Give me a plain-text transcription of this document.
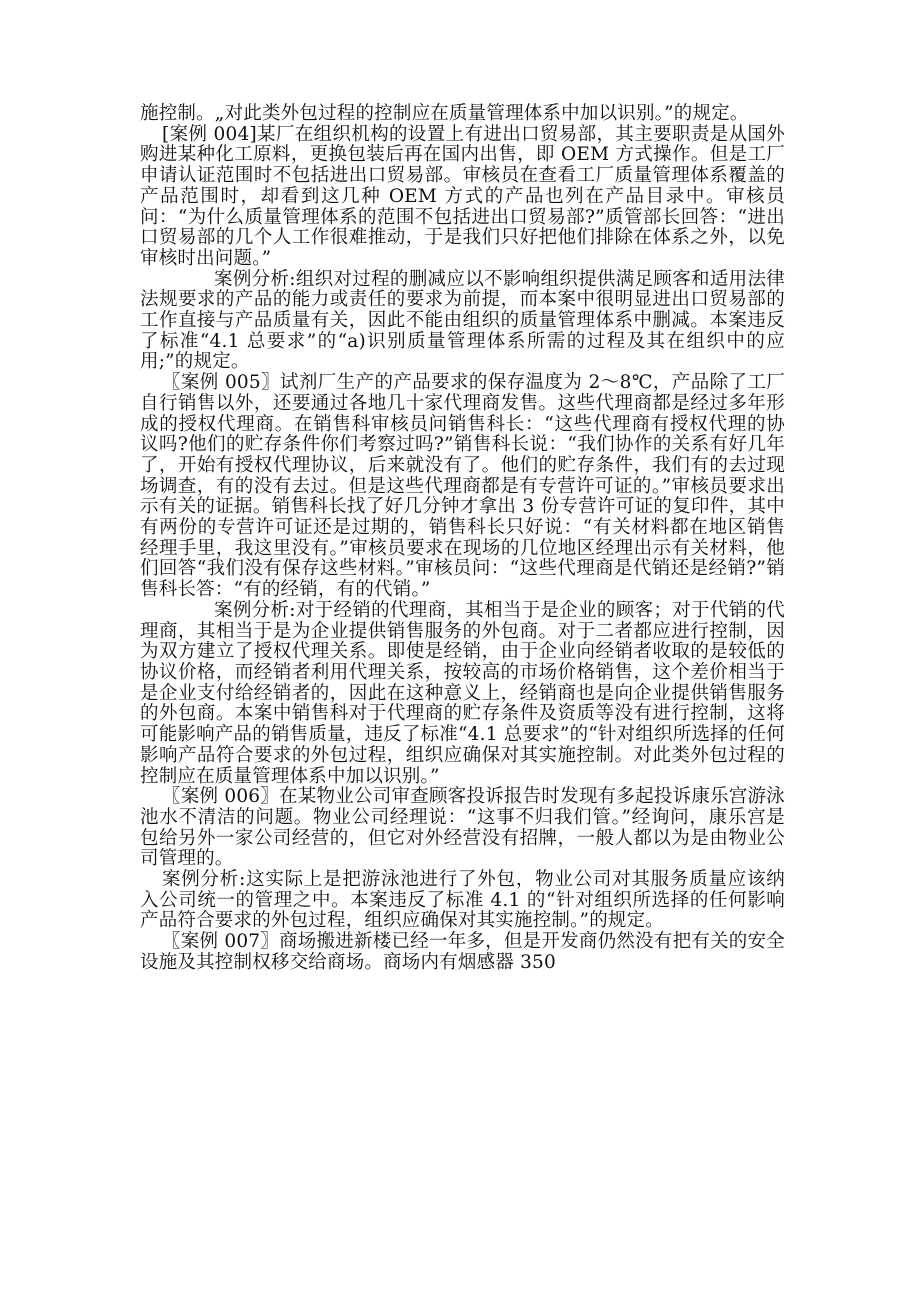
施控制。„对此类外包过程的控制应在质量管理体系中加以识别。”的规定。

[案例 004]某厂在组织机构的设置上有进出口贸易部，其主要职责是从国外购进某种化工原料，更换包装后再在国内出售，即 OEM 方式操作。但是工厂申请认证范围时不包括进出口贸易部。审核员在查看工厂质量管理体系覆盖的产品范围时，却看到这几种 OEM 方式的产品也列在产品目录中。审核员问：“为什么质量管理体系的范围不包括进出口贸易部?”质管部长回答：“进出口贸易部的几个人工作很难推动，于是我们只好把他们排除在体系之外，以免审核时出问题。”

案例分析:组织对过程的删减应以不影响组织提供满足顾客和适用法律法规要求的产品的能力或责任的要求为前提，而本案中很明显进出口贸易部的工作直接与产品质量有关，因此不能由组织的质量管理体系中删减。本案违反了标准“4.1 总要求”的“a)识别质量管理体系所需的过程及其在组织中的应用;”的规定。

〖案例 005〗试剂厂生产的产品要求的保存温度为 2～8℃，产品除了工厂自行销售以外，还要通过各地几十家代理商发售。这些代理商都是经过多年形成的授权代理商。在销售科审核员问销售科长：“这些代理商有授权代理的协议吗?他们的贮存条件你们考察过吗?”销售科长说：“我们协作的关系有好几年了，开始有授权代理协议，后来就没有了。他们的贮存条件，我们有的去过现场调查，有的没有去过。但是这些代理商都是有专营许可证的。”审核员要求出示有关的证据。销售科长找了好几分钟才拿出 3 份专营许可证的复印件，其中有两份的专营许可证还是过期的，销售科长只好说：“有关材料都在地区销售经理手里，我这里没有。”审核员要求在现场的几位地区经理出示有关材料，他们回答“我们没有保存这些材料。”审核员问：“这些代理商是代销还是经销?”销售科长答：“有的经销，有的代销。”

案例分析:对于经销的代理商，其相当于是企业的顾客；对于代销的代理商，其相当于是为企业提供销售服务的外包商。对于二者都应进行控制，因为双方建立了授权代理关系。即使是经销，由于企业向经销者收取的是较低的协议价格，而经销者利用代理关系，按较高的市场价格销售，这个差价相当于是企业支付给经销者的，因此在这种意义上，经销商也是向企业提供销售服务的外包商。本案中销售科对于代理商的贮存条件及资质等没有进行控制，这将可能影响产品的销售质量，违反了标准“4.1 总要求”的“针对组织所选择的任何影响产品符合要求的外包过程，组织应确保对其实施控制。对此类外包过程的控制应在质量管理体系中加以识别。”

〖案例 006〗在某物业公司审查顾客投诉报告时发现有多起投诉康乐宫游泳池水不清洁的问题。物业公司经理说：“这事不归我们管。”经询问，康乐宫是包给另外一家公司经营的，但它对外经营没有招牌，一般人都以为是由物业公司管理的。

案例分析:这实际上是把游泳池进行了外包，物业公司对其服务质量应该纳入公司统一的管理之中。本案违反了标准 4.1 的“针对组织所选择的任何影响产品符合要求的外包过程，组织应确保对其实施控制。”的规定。

〖案例 007〗商场搬进新楼已经一年多，但是开发商仍然没有把有关的安全设施及其控制权移交给商场。商场内有烟感器 350
